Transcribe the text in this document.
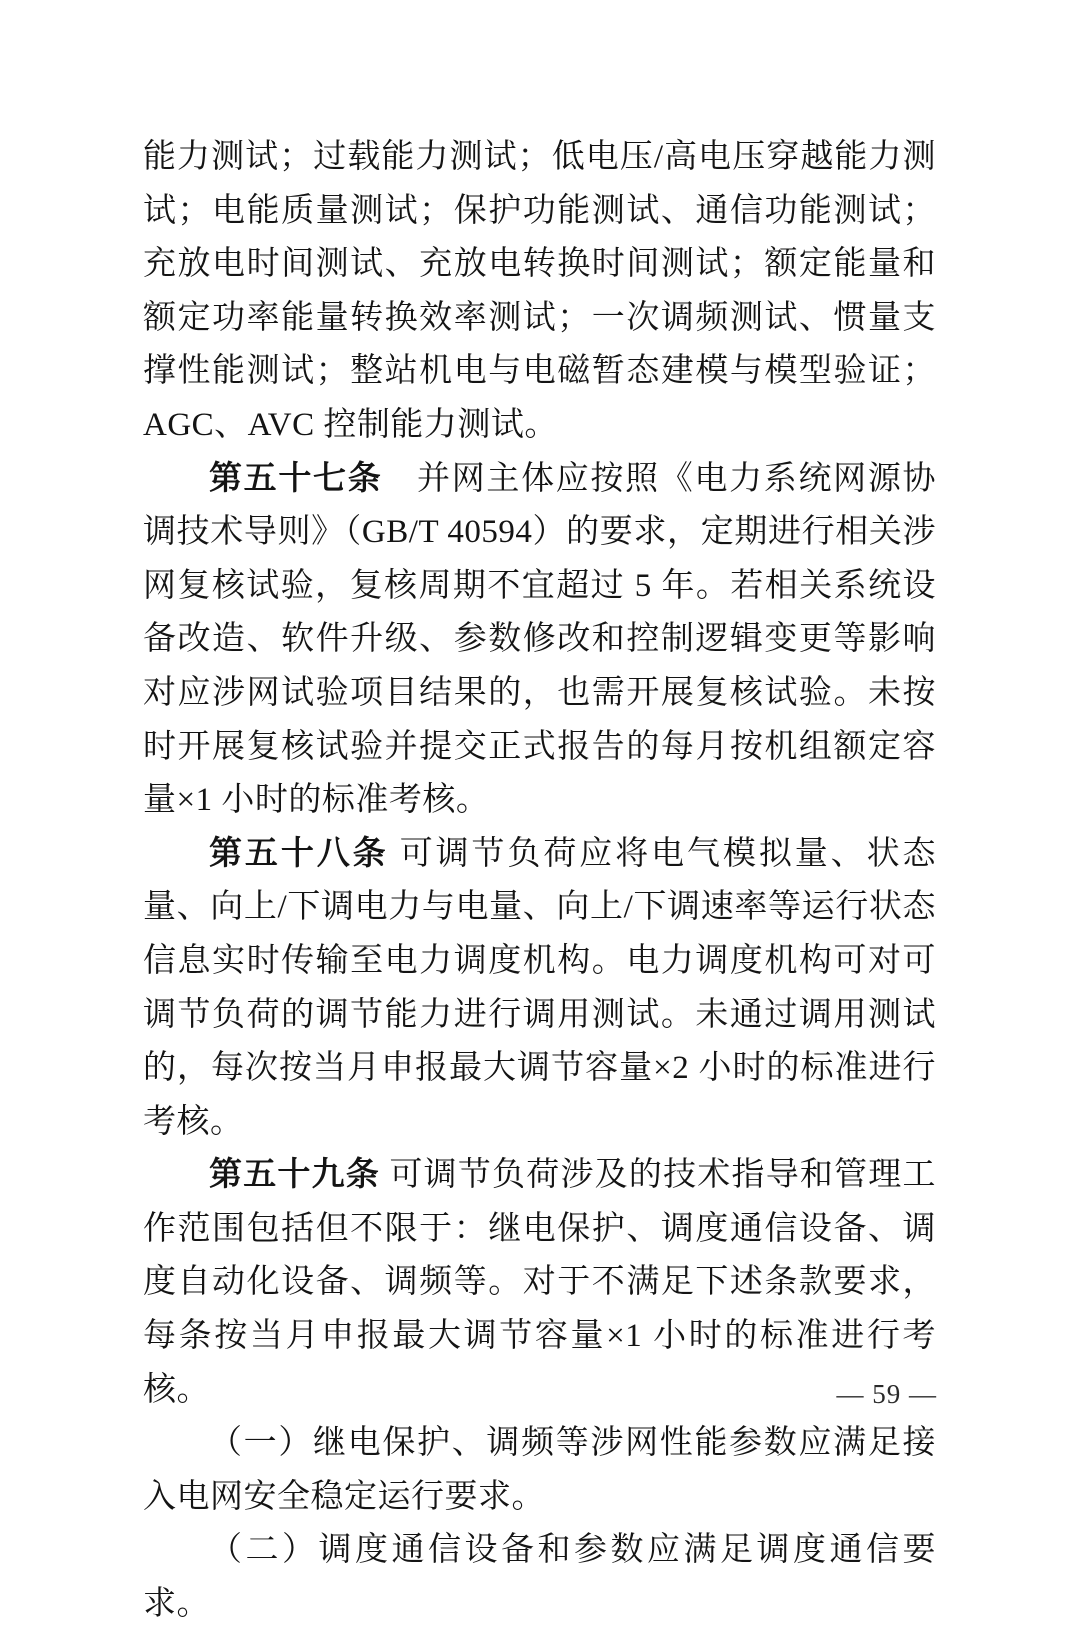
能力测试；过载能力测试；低电压/高电压穿越能力测试；电能质量测试；保护功能测试、通信功能测试；充放电时间测试、充放电转换时间测试；额定能量和额定功率能量转换效率测试；一次调频测试、惯量支撑性能测试；整站机电与电磁暂态建模与模型验证；AGC、AVC 控制能力测试。

第五十七条　并网主体应按照《电力系统网源协调技术导则》（GB/T 40594）的要求，定期进行相关涉网复核试验，复核周期不宜超过 5 年。若相关系统设备改造、软件升级、参数修改和控制逻辑变更等影响对应涉网试验项目结果的，也需开展复核试验。未按时开展复核试验并提交正式报告的每月按机组额定容量×1 小时的标准考核。

第五十八条 可调节负荷应将电气模拟量、状态量、向上/下调电力与电量、向上/下调速率等运行状态信息实时传输至电力调度机构。电力调度机构可对可调节负荷的调节能力进行调用测试。未通过调用测试的，每次按当月申报最大调节容量×2 小时的标准进行考核。

第五十九条 可调节负荷涉及的技术指导和管理工作范围包括但不限于：继电保护、调度通信设备、调度自动化设备、调频等。对于不满足下述条款要求，每条按当月申报最大调节容量×1 小时的标准进行考核。

（一）继电保护、调频等涉网性能参数应满足接入电网安全稳定运行要求。

（二）调度通信设备和参数应满足调度通信要求。

— 59 —
